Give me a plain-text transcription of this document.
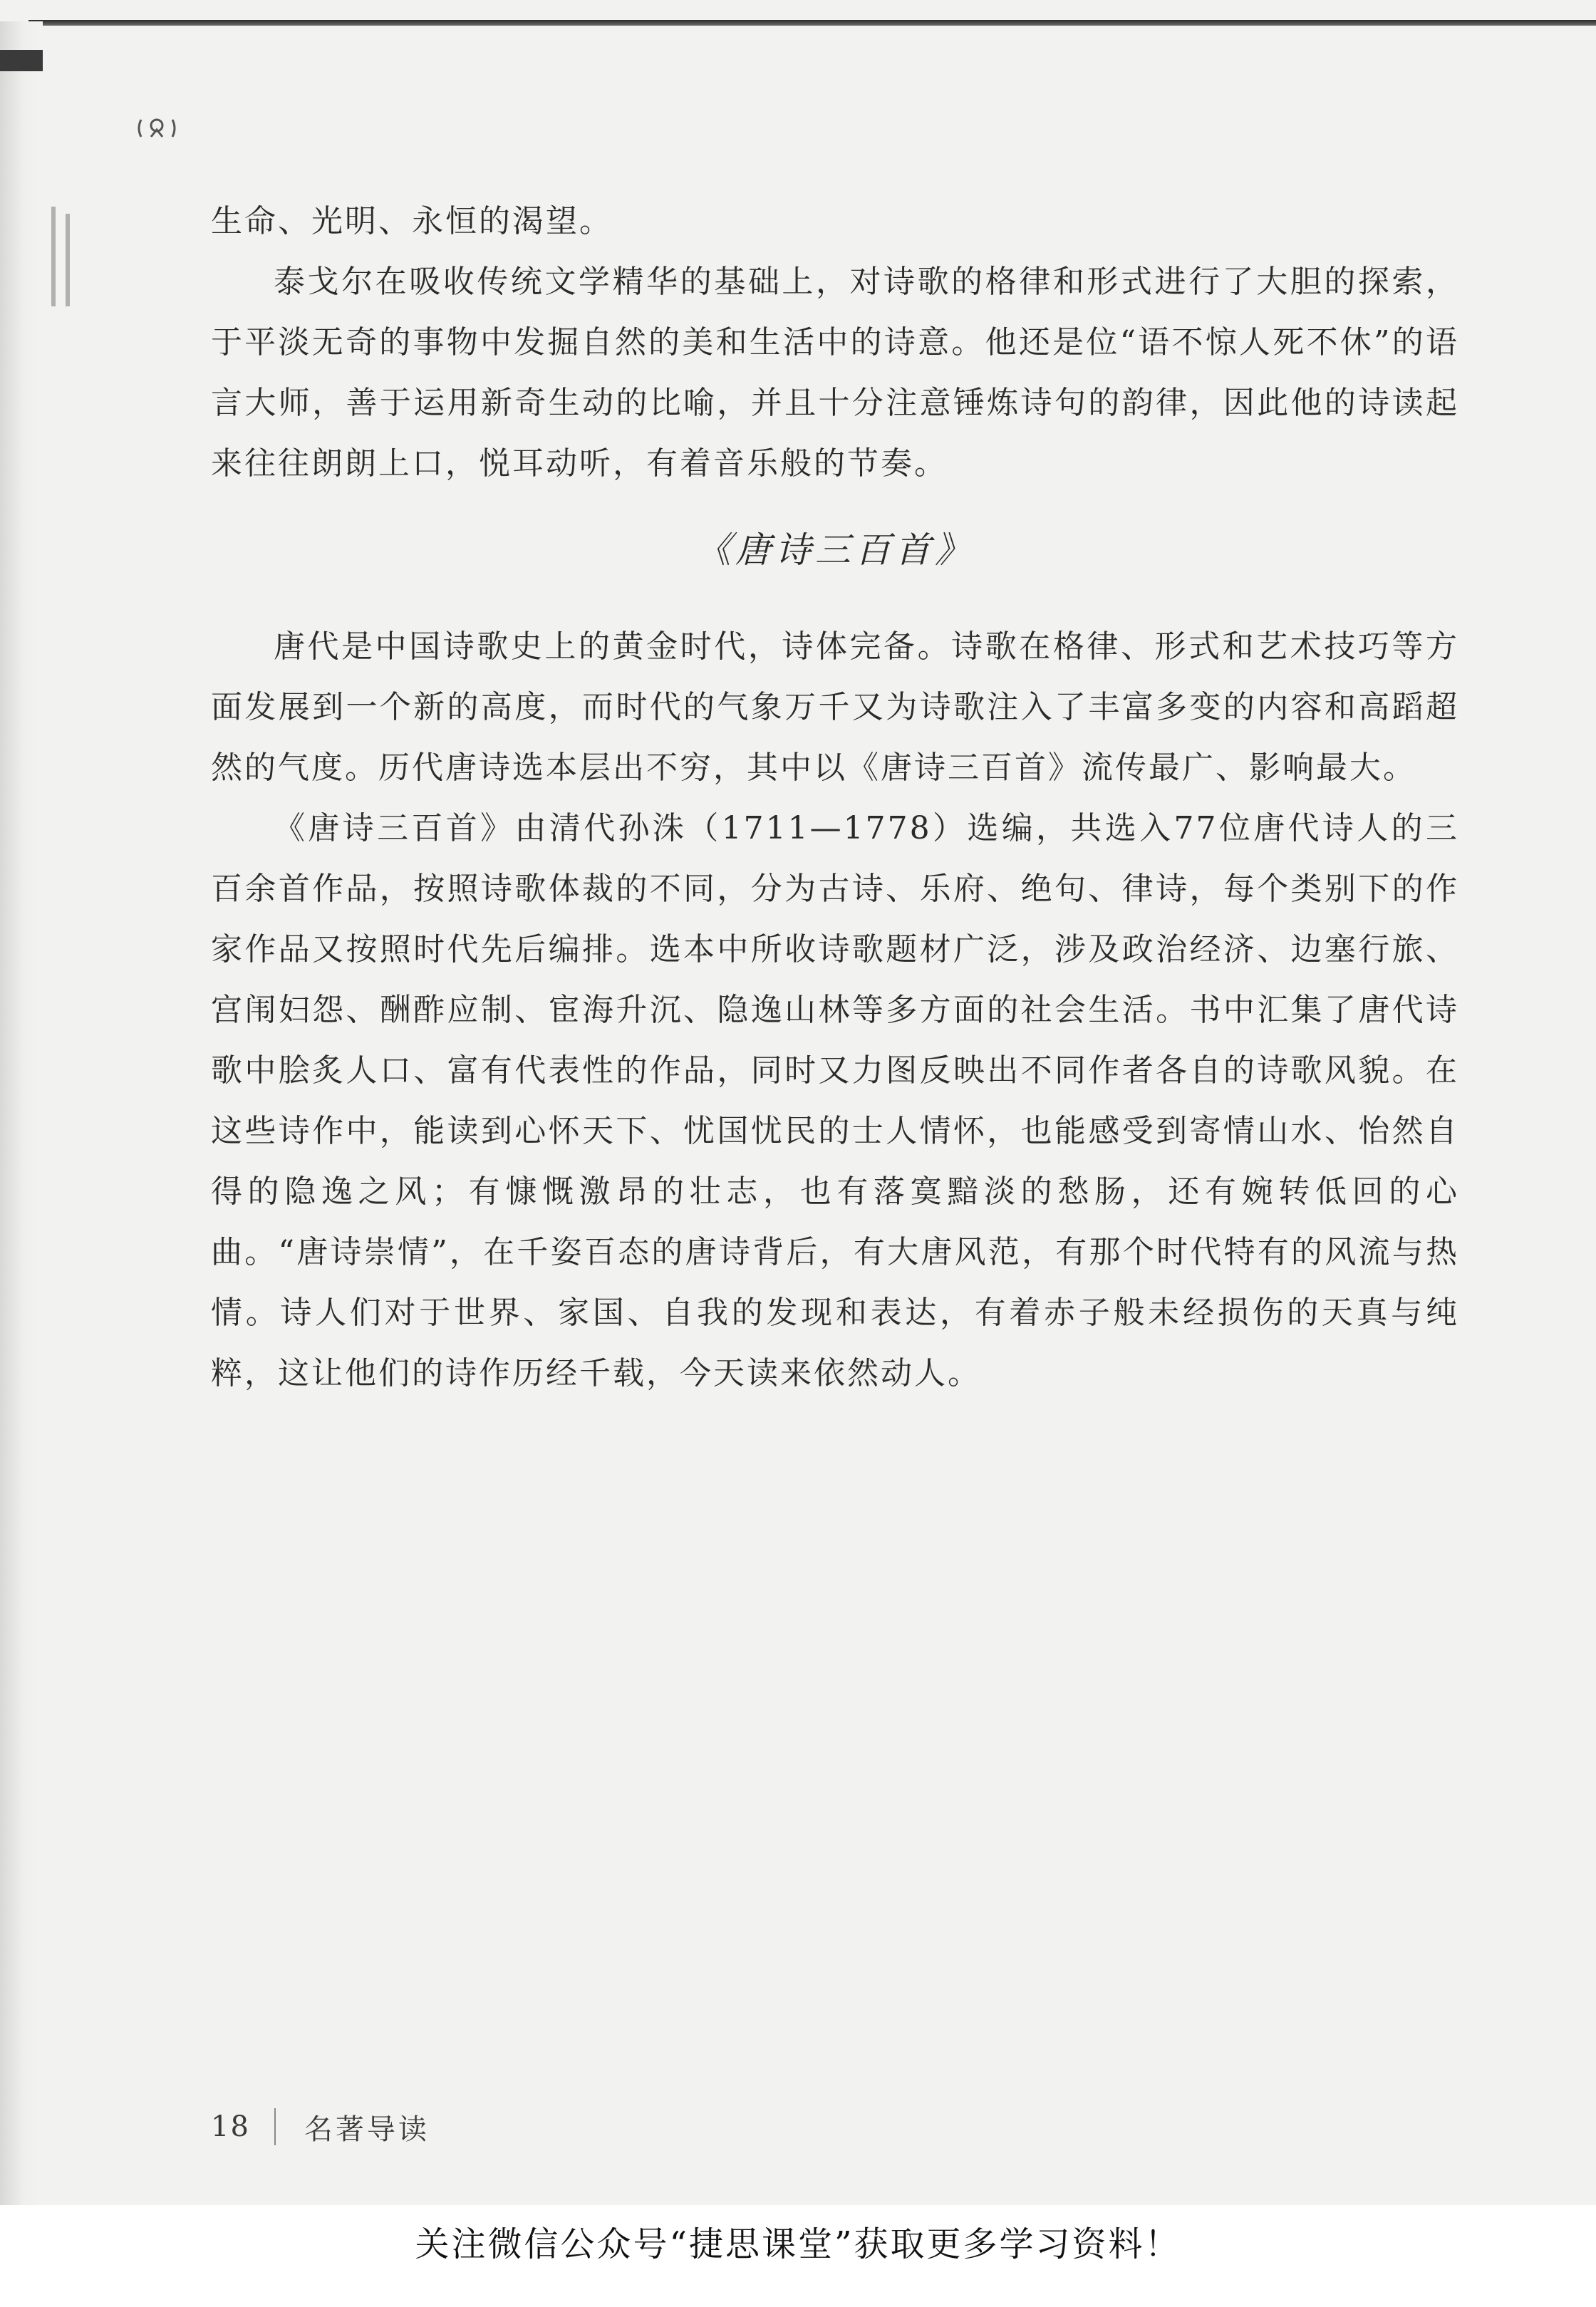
生命、光明、永恒的渴望。

泰戈尔在吸收传统文学精华的基础上，对诗歌的格律和形式进行了大胆的探索，于平淡无奇的事物中发掘自然的美和生活中的诗意。他还是位“语不惊人死不休”的语言大师，善于运用新奇生动的比喻，并且十分注意锤炼诗句的韵律，因此他的诗读起来往往朗朗上口，悦耳动听，有着音乐般的节奏。

《唐诗三百首》

唐代是中国诗歌史上的黄金时代，诗体完备。诗歌在格律、形式和艺术技巧等方面发展到一个新的高度，而时代的气象万千又为诗歌注入了丰富多变的内容和高蹈超然的气度。历代唐诗选本层出不穷，其中以《唐诗三百首》流传最广、影响最大。

《唐诗三百首》由清代孙洙（1711—1778）选编，共选入77位唐代诗人的三百余首作品，按照诗歌体裁的不同，分为古诗、乐府、绝句、律诗，每个类别下的作家作品又按照时代先后编排。选本中所收诗歌题材广泛，涉及政治经济、边塞行旅、宫闱妇怨、酬酢应制、宦海升沉、隐逸山林等多方面的社会生活。书中汇集了唐代诗歌中脍炙人口、富有代表性的作品，同时又力图反映出不同作者各自的诗歌风貌。在这些诗作中，能读到心怀天下、忧国忧民的士人情怀，也能感受到寄情山水、怡然自得的隐逸之风；有慷慨激昂的壮志，也有落寞黯淡的愁肠，还有婉转低回的心曲。“唐诗崇情”，在千姿百态的唐诗背后，有大唐风范，有那个时代特有的风流与热情。诗人们对于世界、家国、自我的发现和表达，有着赤子般未经损伤的天真与纯粹，这让他们的诗作历经千载，今天读来依然动人。

18 名著导读
关注微信公众号“捷思课堂”获取更多学习资料！
